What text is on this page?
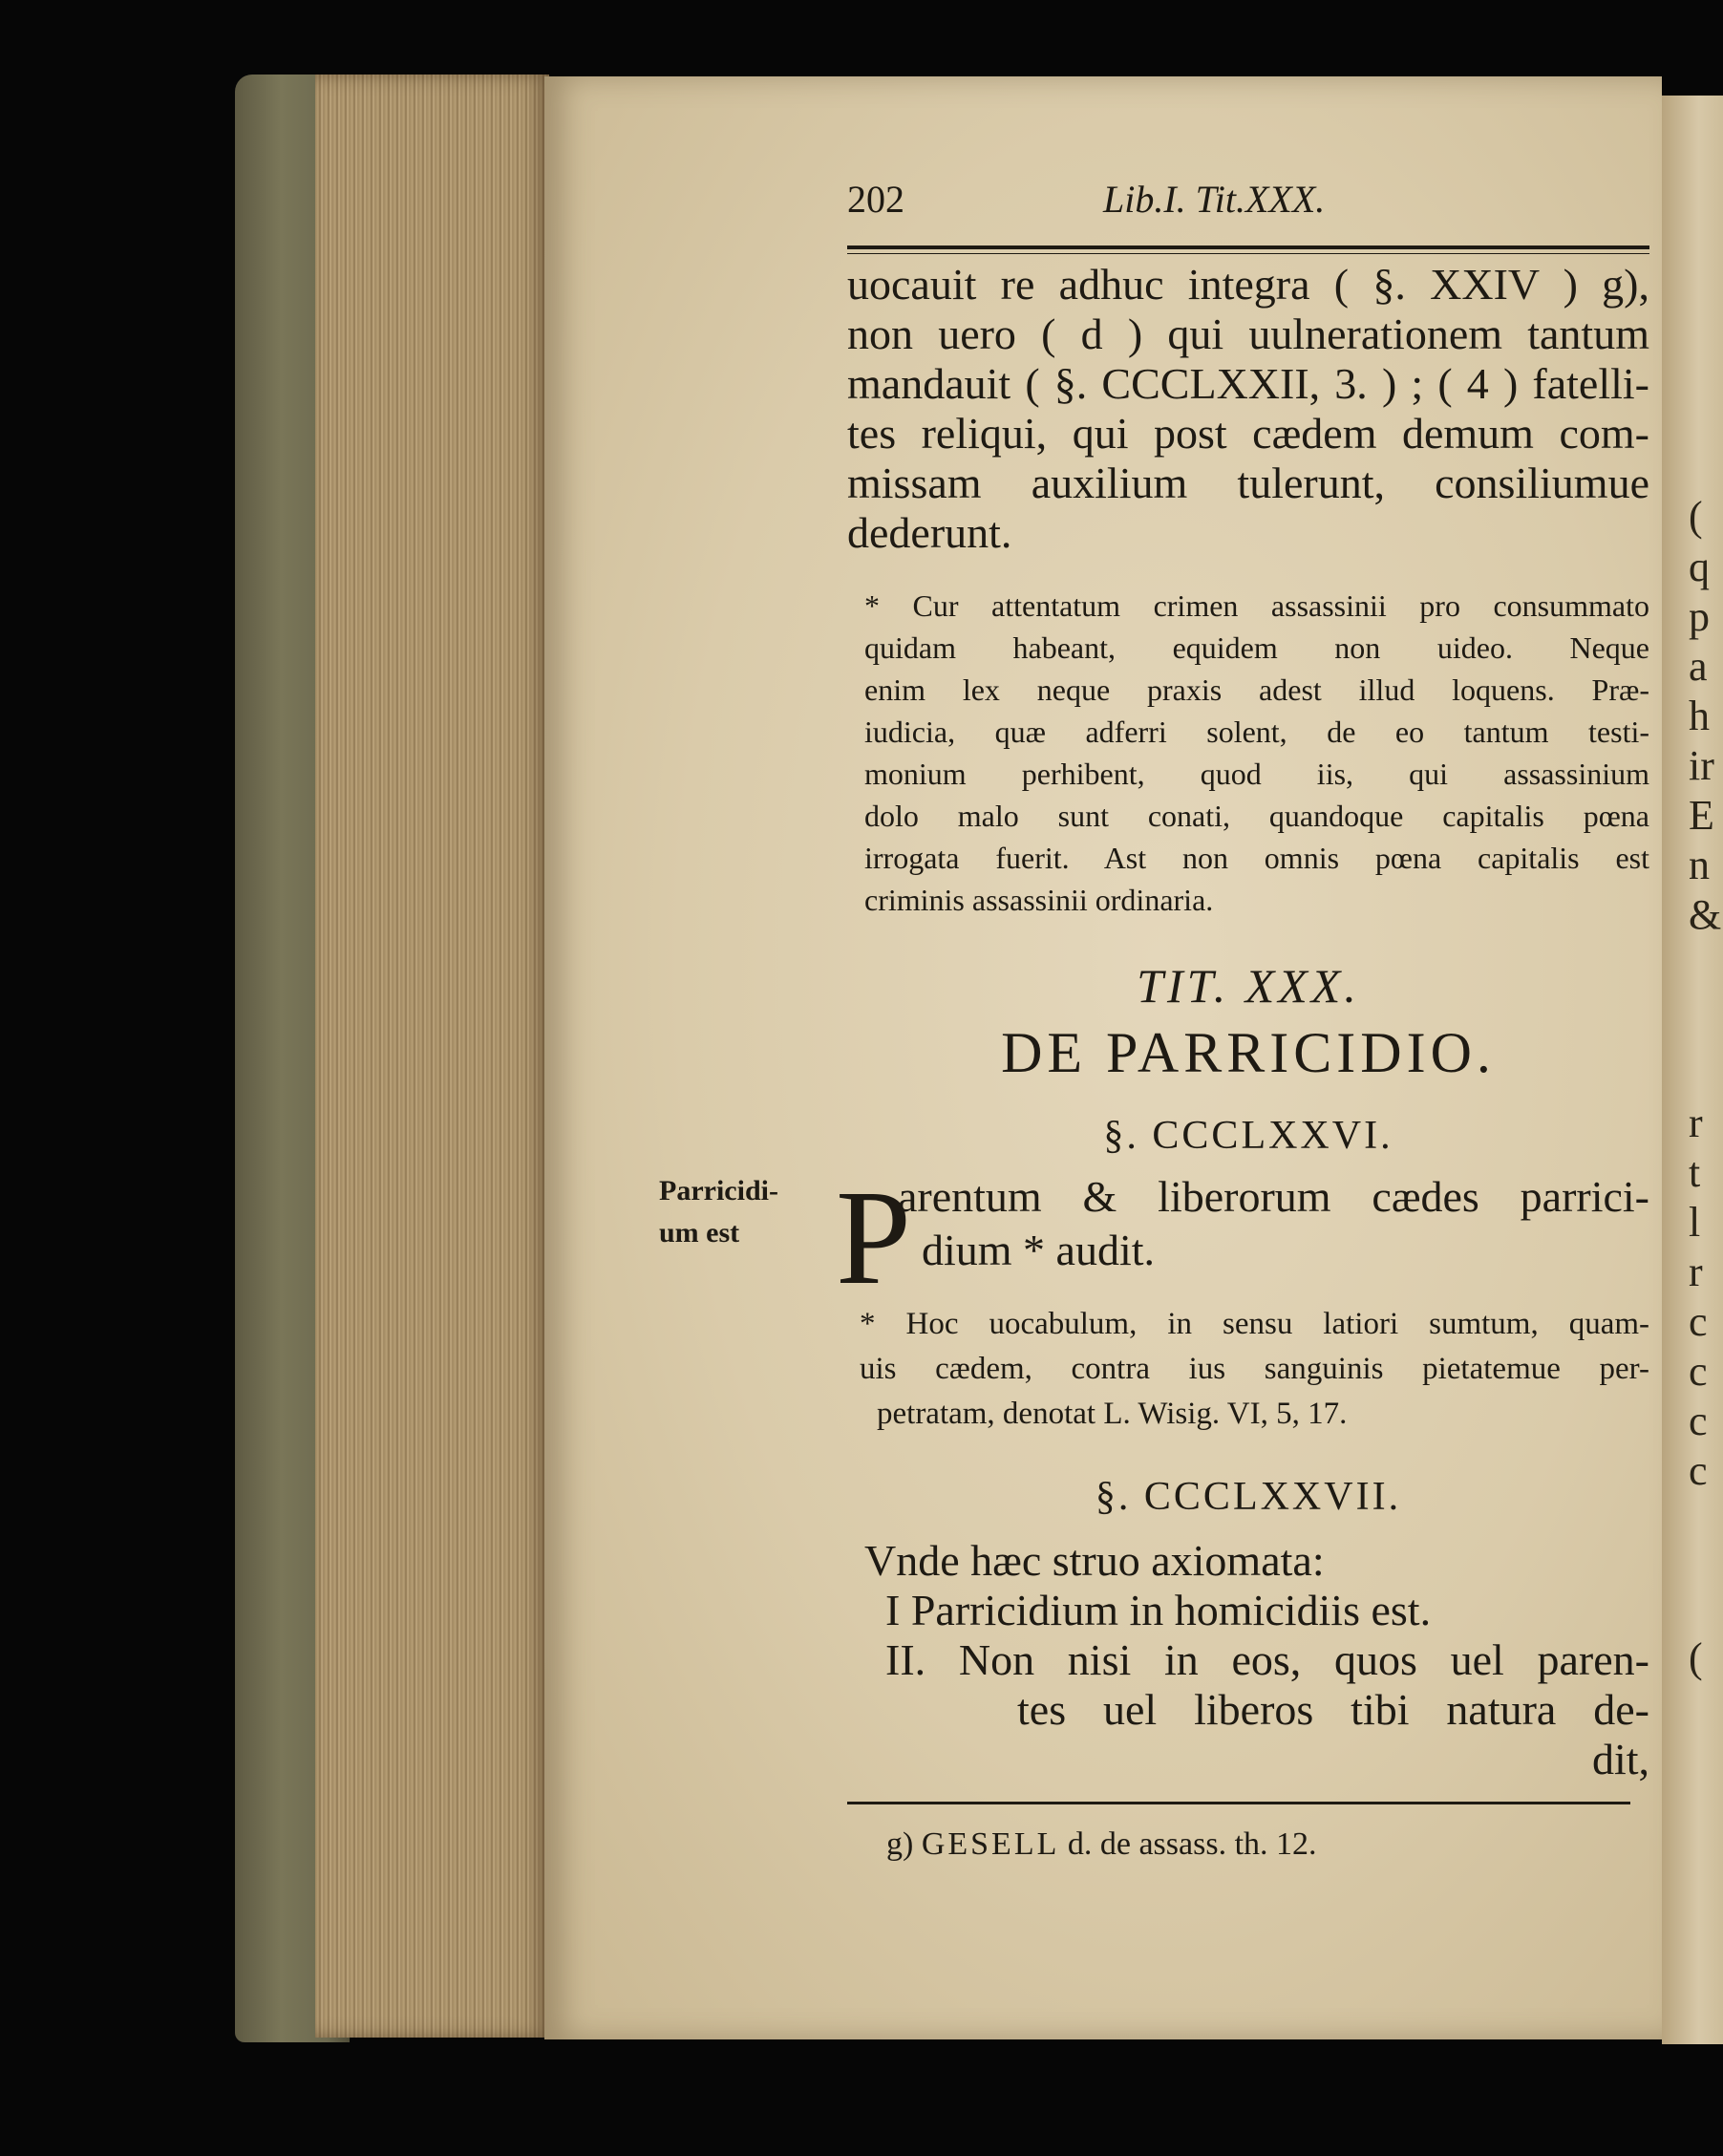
(
q
p
a
h
ir
E
n
&
r
t
l
r
c
c
c
c
(
202	Lib.I. Tit.XXX.
uocauit re adhuc integra ( §. XXIV ) g),
non uero ( d ) qui uulnerationem tantum
mandauit ( §. CCCLXXII, 3. ) ; ( 4 ) fatelli-
tes reliqui, qui post cædem demum com-
missam auxilium tulerunt, consiliumue
dederunt.
* Cur attentatum crimen assassinii pro consummato
quidam habeant, equidem non uideo. Neque
enim lex neque praxis adest illud loquens. Præ-
iudicia, quæ adferri solent, de eo tantum testi-
monium perhibent, quod iis, qui assassinium
dolo malo sunt conati, quandoque capitalis pœna
irrogata fuerit. Ast non omnis pœna capitalis est
criminis assassinii ordinaria.
TIT. XXX.
DE PARRICIDIO.
§. CCCLXXVI.
Parricidi-
um est P
arentum & liberorum cædes parrici-
dium * audit.
* Hoc uocabulum, in sensu latiori sumtum, quam-
uis cædem, contra ius sanguinis pietatemue per-
petratam, denotat L. Wisig. VI, 5, 17.
§. CCCLXXVII.
Vnde hæc struo axiomata:
I Parricidium in homicidiis est.
II. Non nisi in eos, quos uel paren-
tes uel liberos tibi natura de-
dit,
g) GESELL d. de assass. th. 12.
